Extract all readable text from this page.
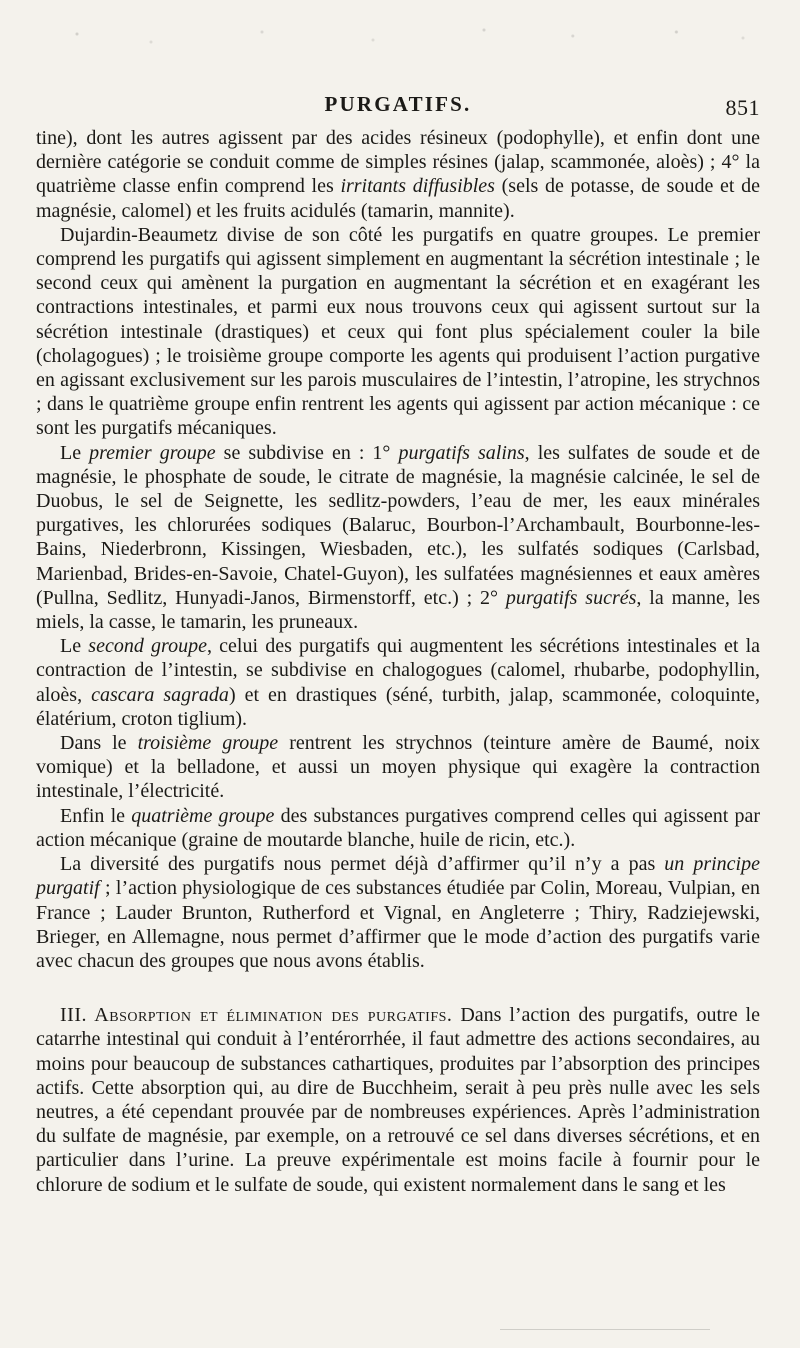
PURGATIFS.	851

tine), dont les autres agissent par des acides résineux (podophylle), et enfin dont une dernière catégorie se conduit comme de simples résines (jalap, scammonée, aloès) ; 4° la quatrième classe enfin comprend les irritants diffusibles (sels de potasse, de soude et de magnésie, calomel) et les fruits acidulés (tamarin, mannite).

Dujardin-Beaumetz divise de son côté les purgatifs en quatre groupes. Le premier comprend les purgatifs qui agissent simplement en augmentant la sécrétion intestinale ; le second ceux qui amènent la purgation en augmentant la sécrétion et en exagérant les contractions intestinales, et parmi eux nous trouvons ceux qui agissent surtout sur la sécrétion intestinale (drastiques) et ceux qui font plus spécialement couler la bile (cholagogues) ; le troisième groupe comporte les agents qui produisent l’action purgative en agissant exclusivement sur les parois musculaires de l’intestin, l’atropine, les strychnos ; dans le quatrième groupe enfin rentrent les agents qui agissent par action mécanique : ce sont les purgatifs mécaniques.

Le premier groupe se subdivise en : 1° purgatifs salins, les sulfates de soude et de magnésie, le phosphate de soude, le citrate de magnésie, la magnésie calcinée, le sel de Duobus, le sel de Seignette, les sedlitz-powders, l’eau de mer, les eaux minérales purgatives, les chlorurées sodiques (Balaruc, Bourbon-l’Archambault, Bourbonne-les-Bains, Niederbronn, Kissingen, Wiesbaden, etc.), les sulfatés sodiques (Carlsbad, Marienbad, Brides-en-Savoie, Chatel-Guyon), les sulfatées magnésiennes et eaux amères (Pullna, Sedlitz, Hunyadi-Janos, Birmenstorff, etc.) ; 2° purgatifs sucrés, la manne, les miels, la casse, le tamarin, les pruneaux.

Le second groupe, celui des purgatifs qui augmentent les sécrétions intestinales et la contraction de l’intestin, se subdivise en chalogogues (calomel, rhubarbe, podophyllin, aloès, cascara sagrada) et en drastiques (séné, turbith, jalap, scammonée, coloquinte, élatérium, croton tiglium).

Dans le troisième groupe rentrent les strychnos (teinture amère de Baumé, noix vomique) et la belladone, et aussi un moyen physique qui exagère la contraction intestinale, l’électricité.

Enfin le quatrième groupe des substances purgatives comprend celles qui agissent par action mécanique (graine de moutarde blanche, huile de ricin, etc.).

La diversité des purgatifs nous permet déjà d’affirmer qu’il n’y a pas un principe purgatif ; l’action physiologique de ces substances étudiée par Colin, Moreau, Vulpian, en France ; Lauder Brunton, Rutherford et Vignal, en Angleterre ; Thiry, Radziejewski, Brieger, en Allemagne, nous permet d’affirmer que le mode d’action des purgatifs varie avec chacun des groupes que nous avons établis.

III. Absorption et élimination des purgatifs. Dans l’action des purgatifs, outre le catarrhe intestinal qui conduit à l’entérorrhée, il faut admettre des actions secondaires, au moins pour beaucoup de substances cathartiques, produites par l’absorption des principes actifs. Cette absorption qui, au dire de Bucchheim, serait à peu près nulle avec les sels neutres, a été cependant prouvée par de nombreuses expériences. Après l’administration du sulfate de magnésie, par exemple, on a retrouvé ce sel dans diverses sécrétions, et en particulier dans l’urine. La preuve expérimentale est moins facile à fournir pour le chlorure de sodium et le sulfate de soude, qui existent normalement dans le sang et les
